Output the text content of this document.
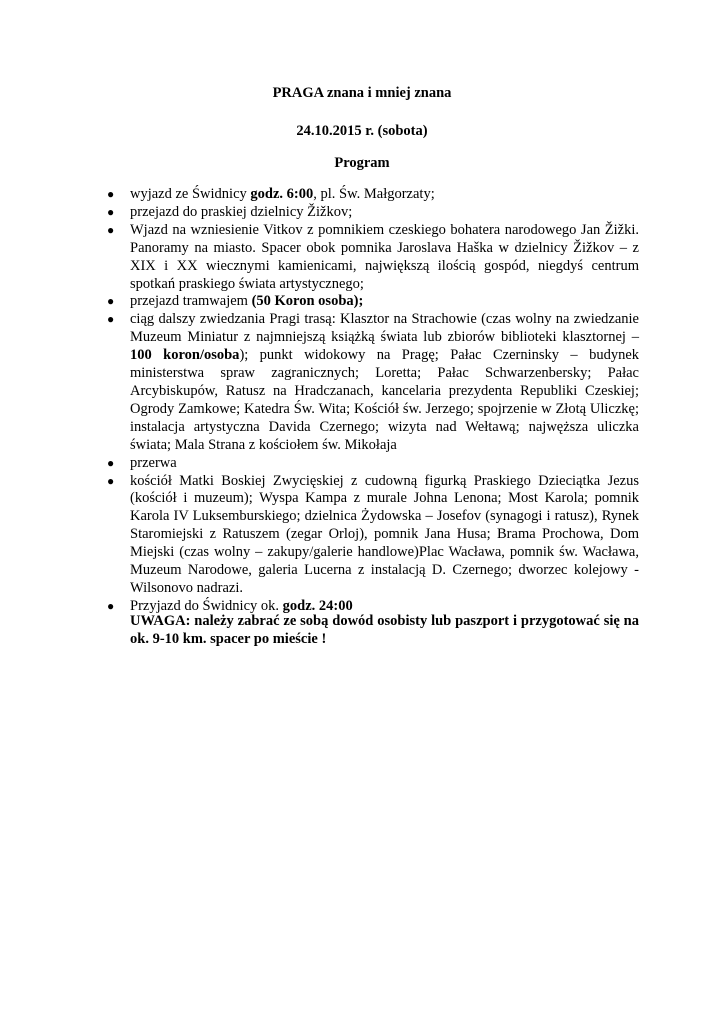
PRAGA znana i mniej znana
24.10.2015 r. (sobota)
Program
● wyjazd ze Świdnicy godz. 6:00, pl. Św. Małgorzaty;
● przejazd do praskiej dzielnicy Žižkov;
● Wjazd na wzniesienie Vitkov z pomnikiem czeskiego bohatera narodowego Jan Žižki. Panoramy na miasto. Spacer obok pomnika Jaroslava Hašk​a w dzielnicy Žižkov – z XIX i XX wiecznymi kamienicami, największą ilością gospód, niegdyś centrum spotkań praskiego świata artystycznego;
● przejazd tramwajem (50 Koron osoba);
● ciąg dalszy zwiedzania Pragi trasą: Klasztor na Strachowie (czas wolny na zwiedzanie Muzeum Miniatur z najmniejszą książką świata lub zbiorów biblioteki klasztornej – 100 koron/osoba); punkt widokowy na Pragę; Pałac Czerninsky – budynek ministerstwa spraw zagranicznych; Loretta; Pałac Schwarzenbersky; Pałac Arcybiskupów, Ratusz na Hradczanach, kancelaria prezydenta Republiki Czeskiej; Ogrody Zamkowe; Katedra Św. Wita; Kościół św. Jerzego; spojrzenie w Złotą Uliczkę; instalacja artystyczna Davida Czernego; wizyta nad Wełtawą; najwęższa uliczka świata; Mala Strana z kościołem św. Mikołaja
● przerwa
● kościół Matki Boskiej Zwycięskiej z cudowną figurką Praskiego Dzieciątka Jezus (kościół i muzeum); Wyspa Kampa z murale Johna Lenona; Most Karola; pomnik Karola IV Luksemburskiego; dzielnica Żydowska – Josefov (synagogi i ratusz), Rynek Staromiejski z Ratuszem (zegar Orloj), pomnik Jana Husa; Brama Prochowa, Dom Miejski (czas wolny – zakupy/galerie handlowe)Plac Wacława, pomnik św. Wacława, Muzeum Narodowe, galeria Lucerna z instalacją D. Czernego; dworzec kolejowy - Wilsonovo nadrazi.
● Przyjazd do Świdnicy ok. godz. 24:00
UWAGA: należy zabrać ze sobą dowód osobisty lub paszport i przygotować się na ok. 9-10 km. spacer po mieście !
